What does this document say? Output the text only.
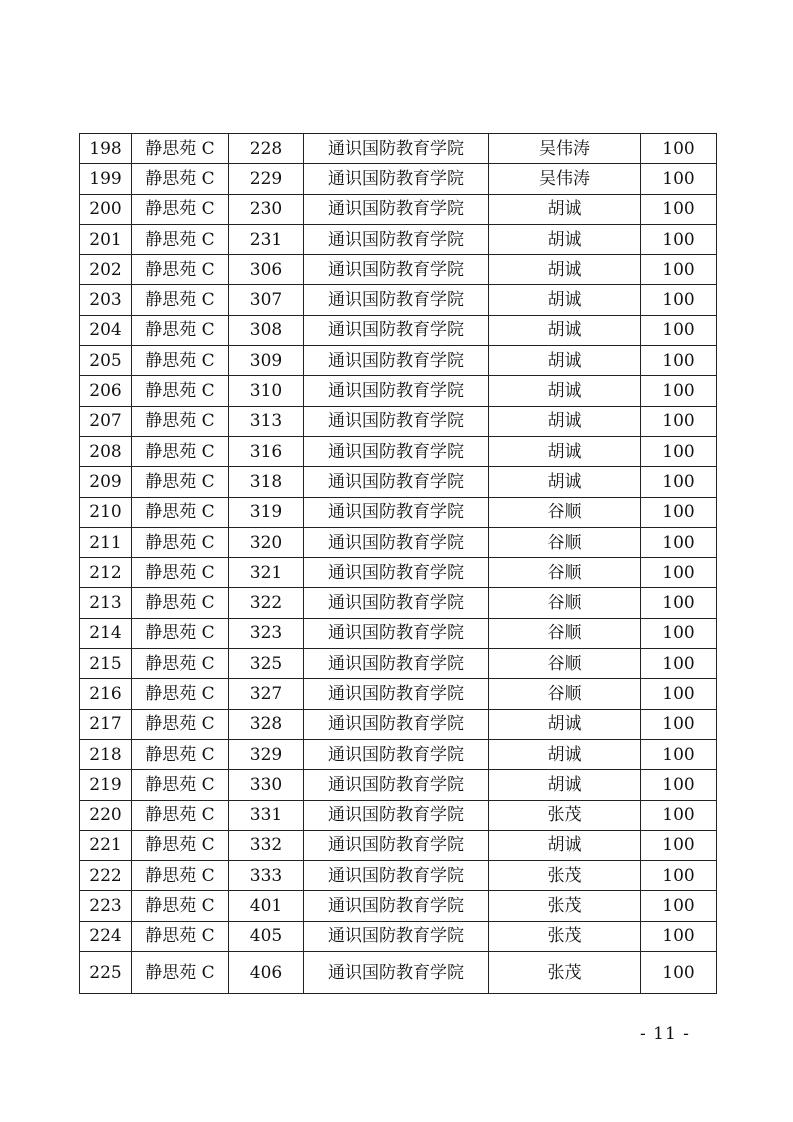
198	静思苑 C	228	通识国防教育学院	吴伟涛	100
199	静思苑 C	229	通识国防教育学院	吴伟涛	100
200	静思苑 C	230	通识国防教育学院	胡诚	100
201	静思苑 C	231	通识国防教育学院	胡诚	100
202	静思苑 C	306	通识国防教育学院	胡诚	100
203	静思苑 C	307	通识国防教育学院	胡诚	100
204	静思苑 C	308	通识国防教育学院	胡诚	100
205	静思苑 C	309	通识国防教育学院	胡诚	100
206	静思苑 C	310	通识国防教育学院	胡诚	100
207	静思苑 C	313	通识国防教育学院	胡诚	100
208	静思苑 C	316	通识国防教育学院	胡诚	100
209	静思苑 C	318	通识国防教育学院	胡诚	100
210	静思苑 C	319	通识国防教育学院	谷顺	100
211	静思苑 C	320	通识国防教育学院	谷顺	100
212	静思苑 C	321	通识国防教育学院	谷顺	100
213	静思苑 C	322	通识国防教育学院	谷顺	100
214	静思苑 C	323	通识国防教育学院	谷顺	100
215	静思苑 C	325	通识国防教育学院	谷顺	100
216	静思苑 C	327	通识国防教育学院	谷顺	100
217	静思苑 C	328	通识国防教育学院	胡诚	100
218	静思苑 C	329	通识国防教育学院	胡诚	100
219	静思苑 C	330	通识国防教育学院	胡诚	100
220	静思苑 C	331	通识国防教育学院	张茂	100
221	静思苑 C	332	通识国防教育学院	胡诚	100
222	静思苑 C	333	通识国防教育学院	张茂	100
223	静思苑 C	401	通识国防教育学院	张茂	100
224	静思苑 C	405	通识国防教育学院	张茂	100
225	静思苑 C	406	通识国防教育学院	张茂	100
- 11 -
